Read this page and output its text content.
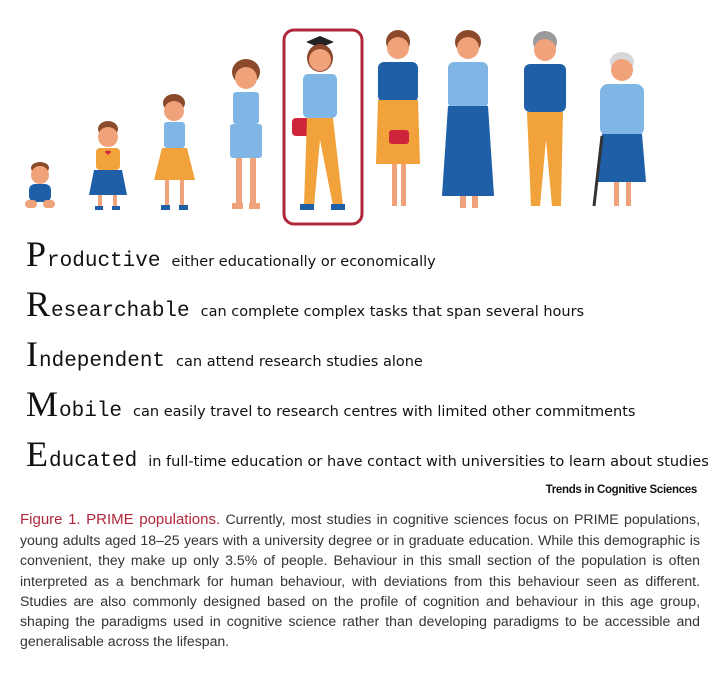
P roductive either educationally or economically
R esearchable can complete complex tasks that span several hours
I ndependent can attend research studies alone
M obile can easily travel to research centres with limited other commitments
E ducated in full-time education or have contact with universities to learn about studies
Trends in Cognitive Sciences
Figure 1. PRIME populations. Currently, most studies in cognitive sciences focus on PRIME populations, young adults aged 18–25 years with a university degree or in graduate education. While this demographic is convenient, they make up only 3.5% of people. Behaviour in this small section of the population is often interpreted as a benchmark for human behaviour, with deviations from this behaviour seen as different. Studies are also commonly designed based on the profile of cognition and behaviour in this age group, shaping the paradigms used in cognitive science rather than developing paradigms to be accessible and generalisable across the lifespan.
